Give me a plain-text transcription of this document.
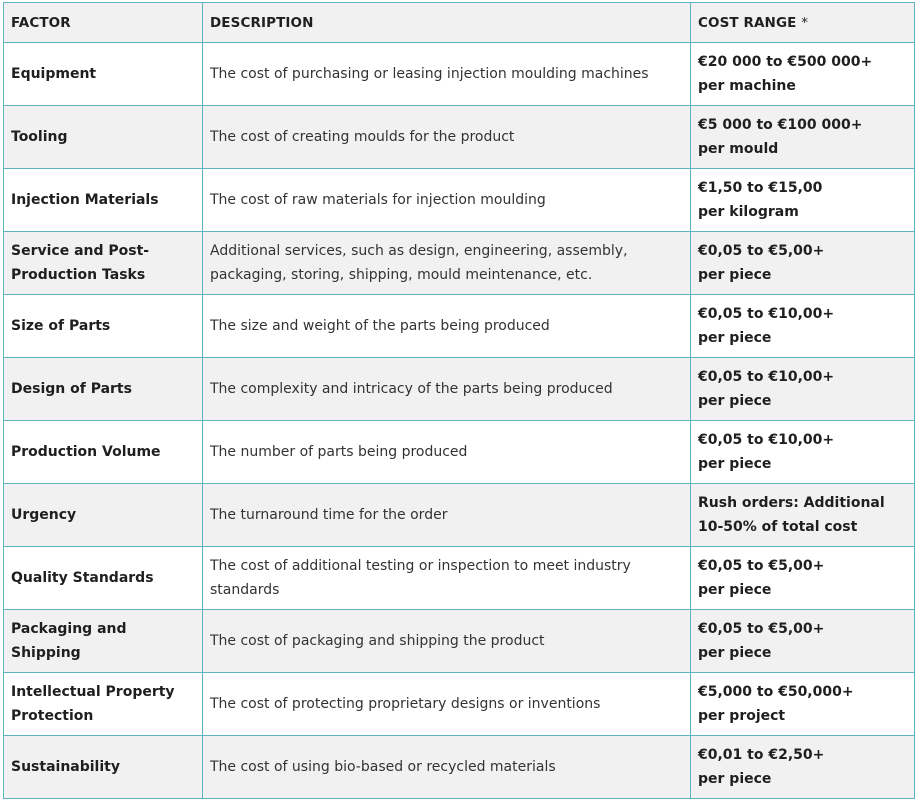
FACTOR	DESCRIPTION	COST RANGE *
Equipment	The cost of purchasing or leasing injection moulding machines	€20 000 to €500 000+
per machine

Tooling	The cost of creating moulds for the product	€5 000 to €100 000+
per mould

Injection Materials	The cost of raw materials for injection moulding	€1,50 to €15,00
per kilogram

Service and Post-Production Tasks	Additional services, such as design, engineering, assembly, packaging, storing, shipping, mould meintenance, etc.	€0,05 to €5,00+
per piece

Size of Parts	The size and weight of the parts being produced	€0,05 to €10,00+
per piece

Design of Parts	The complexity and intricacy of the parts being produced	€0,05 to €10,00+
per piece

Production Volume	The number of parts being produced	€0,05 to €10,00+
per piece

Urgency	The turnaround time for the order	Rush orders: Additional 10-50% of total cost

Quality Standards	The cost of additional testing or inspection to meet industry standards	€0,05 to €5,00+
per piece

Packaging and Shipping	The cost of packaging and shipping the product	€0,05 to €5,00+
per piece

Intellectual Property Protection	The cost of protecting proprietary designs or inventions	€5,000 to €50,000+
per project

Sustainability	The cost of using bio-based or recycled materials	€0,01 to €2,50+
per piece
